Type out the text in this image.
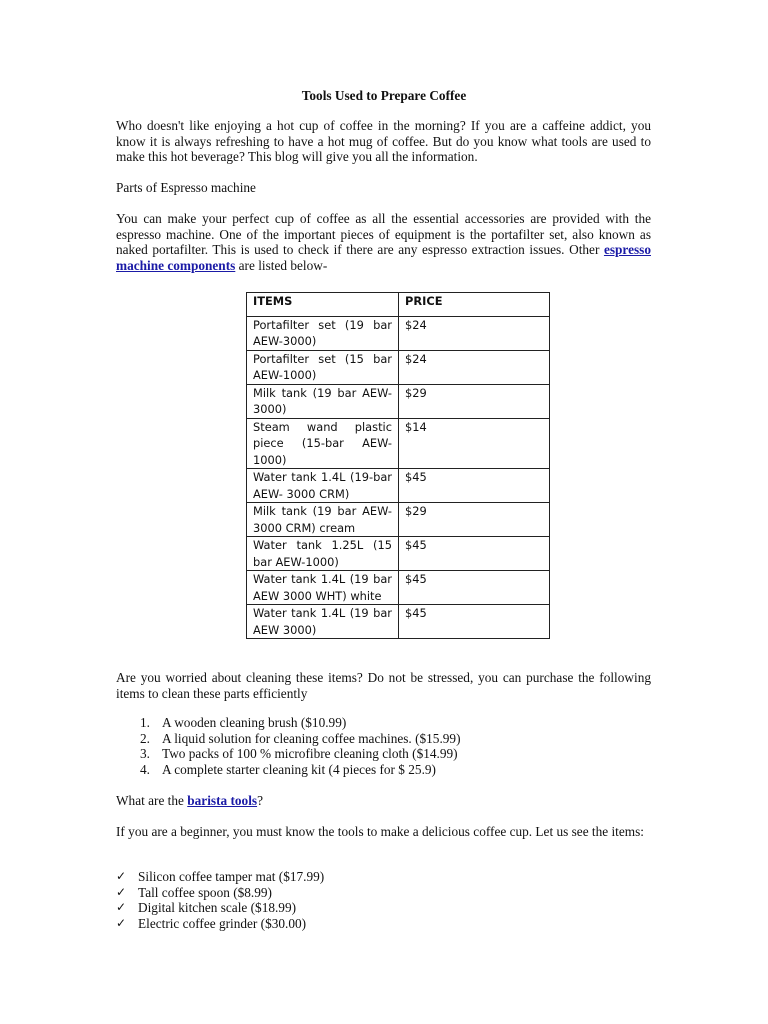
Tools Used to Prepare Coffee

Who doesn't like enjoying a hot cup of coffee in the morning? If you are a caffeine addict, you know it is always refreshing to have a hot mug of coffee. But do you know what tools are used to make this hot beverage? This blog will give you all the information.

Parts of Espresso machine

You can make your perfect cup of coffee as all the essential accessories are provided with the espresso machine. One of the important pieces of equipment is the portafilter set, also known as naked portafilter. This is used to check if there are any espresso extraction issues. Other espresso machine components are listed below-

ITEMS	PRICE
Portafilter set (19 bar AEW-3000)	$24
Portafilter set (15 bar AEW-1000)	$24
Milk tank (19 bar AEW-3000)	$29
Steam wand plastic piece (15-bar AEW-1000)	$14
Water tank 1.4L (19-bar AEW- 3000 CRM)	$45
Milk tank (19 bar AEW-3000 CRM) cream	$29
Water tank 1.25L (15 bar AEW-1000)	$45
Water tank 1.4L (19 bar AEW 3000 WHT) white	$45
Water tank 1.4L (19 bar AEW 3000)	$45

Are you worried about cleaning these items? Do not be stressed, you can purchase the following items to clean these parts efficiently

1. A wooden cleaning brush ($10.99)
2. A liquid solution for cleaning coffee machines. ($15.99)
3. Two packs of 100 % microfibre cleaning cloth ($14.99)
4. A complete starter cleaning kit (4 pieces for $ 25.9)

What are the barista tools?

If you are a beginner, you must know the tools to make a delicious coffee cup. Let us see the items:

✓ Silicon coffee tamper mat ($17.99)
✓ Tall coffee spoon ($8.99)
✓ Digital kitchen scale ($18.99)
✓ Electric coffee grinder ($30.00)
